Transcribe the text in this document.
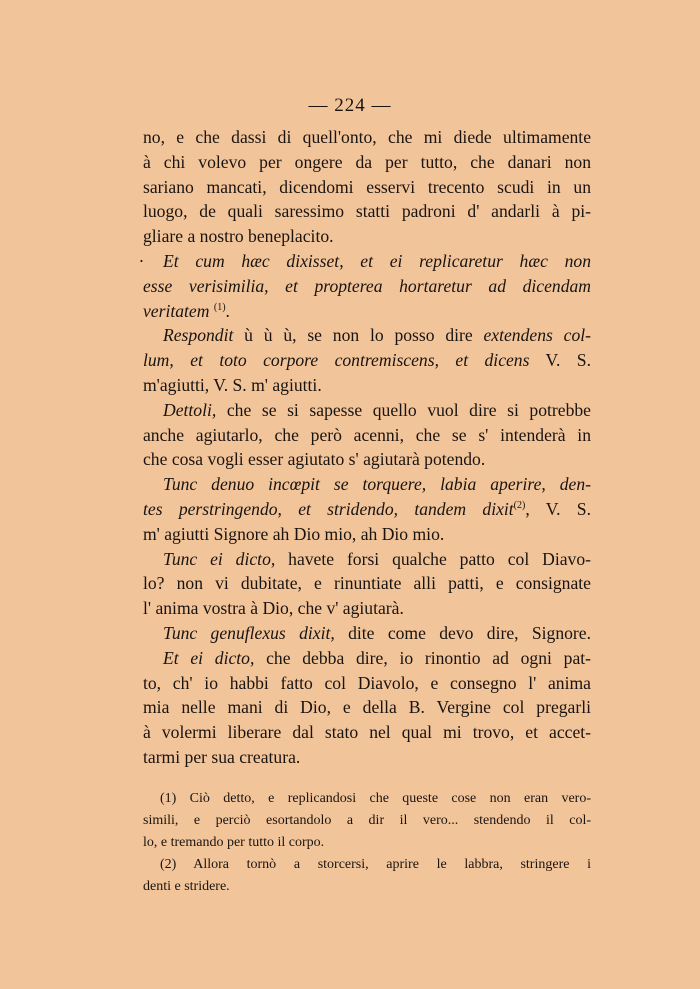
— 224 —
no, e che dassi di quell'onto, che mi diede ultimamente
à chi volevo per ongere da per tutto, che danari non
sariano mancati, dicendomi esservi trecento scudi in un
luogo, de quali saressimo statti padroni d' andarli à pi-
gliare a nostro beneplacito.
· Et cum hæc dixisset, et ei replicaretur hæc non
esse verisimilia, et propterea hortaretur ad dicendam
veritatem $^{(1)}$.
Respondit ù ù ù, se non lo posso dire extendens col-
lum, et toto corpore contremiscens, et dicens V. S.
m'agiutti, V. S. m' agiutti.
Dettoli, che se si sapesse quello vuol dire si potrebbe
anche agiutarlo, che però acenni, che se s' intenderà in
che cosa vogli esser agiutato s' agiutarà potendo.
Tunc denuo incœpit se torquere, labia aperire, den-
tes perstringendo, et stridendo, tandem dixit$^{(2)}$, V. S.
m' agiutti Signore ah Dio mio, ah Dio mio.
Tunc ei dicto, havete forsi qualche patto col Diavo-
lo? non vi dubitate, e rinuntiate alli patti, e consignate
l' anima vostra à Dio, che v' agiutarà.
Tunc genuflexus dixit, dite come devo dire, Signore.
Et ei dicto, che debba dire, io rinontio ad ogni pat-
to, ch' io habbi fatto col Diavolo, e consegno l' anima
mia nelle mani di Dio, e della B. Vergine col pregarli
à volermi liberare dal stato nel qual mi trovo, et accet-
tarmi per sua creatura.
(1) Ciò detto, e replicandosi che queste cose non eran vero-
simili, e perciò esortandolo a dir il vero... stendendo il col-
lo, e tremando per tutto il corpo.
(2) Allora tornò a storcersi, aprire le labbra, stringere i
denti e stridere.
